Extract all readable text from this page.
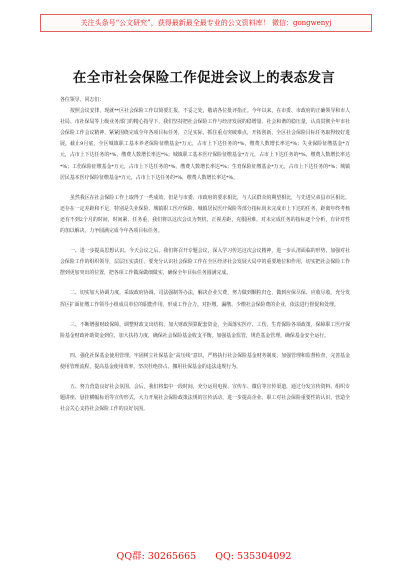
关注头条号“公文研究”，获得最新最全最专业的公文资料库！ 微信：gongwenyj
在全市社会保险工作促进会议上的表态发言

各位领导、同志们：

按照会议安排，现就**区社会保险工作以简要汇报，不妥之处，敬请各位批评指正。今年以来，在市委、市政府的正确领导和市人社局、市社保局等上级业务部门的精心指导下，我们坚持把社会保险工作与经济发展的稳增量、社会和谐的稳压量，认真贯彻全年市社会保险工作会议精神，紧紧围绕完成全年各项目标任务，立足实际，抓住重点突破难点，开拓创新，全区社会保险目标任务取得较好进展。截止9月底，全区城镇职工基本养老保险征缴基金*万元，占市上下达任务的*%，缴费人数增长率达*%；失业保险征缴基金*万元，占市上下达任务的*%，缴费人数增长率达*%；城镇职工基本医疗保险征缴基金*万元，占市上下达任务的*%，缴费人数增长率达*%；工伤保险征缴基金*万元，占市上下达任务的*%，缴费人数增长率达*%；生育保险征缴基金*万元，占市上下达任务的*%；城镇居民基本医疗保险征缴基金*万元，占市上下达任务的*%，缴费人数增长率达*%。

虽然我区在社会保险工作上取得了一些成效，但是与市委、市政府的要求相比，与人民群众的期望相比，与先进兄弟县市区相比，还存在一定差距和不足，特别是失业保险、城镇职工医疗保险、城镇居民医疗保险等部分指标尚未完成市上下达的任务，距离年终考核还有不到2个月的时间，时间紧、任务重，我们将以这次会议为契机，正视差距，克服困难，对未完成任务的指标逐个分析，有针对性的加以解决，力争圆满完成今年各项目标任务。

一、进一步提高思想认识。今天会议之后，我们将召开专题会议，深入学习传达这次会议精神，进一步认清面临的形势，加强对社会保险工作的组织领导，层层压实责任。要充分认识社会保险工作在全区经济社会发展大局中的重要地位和作用，切实把社会保险工作摆到更加突出的位置，把各项工作做深做细做实，确保全年目标任务圆满完成。

二、切实加大协调力度。采取政府协调、司法强制等办法，解决企业欠费，努力做到颗粒归仓，做到应保尽保、应收尽收。充分发挥区扩面征缴工作领导小组成员单位的职能作用，形成工作合力。对拒缴、漏缴、少缴社会保险费的企业，依法进行督促和处理。

三、不断增强财政保障。调整财政支出结构，加大财政预算配套资金，全面落实医疗、工伤、生育保险各项政策，保障职工医疗保险基金财政补助资金到位，加大扶持力度，确保社会保险基金收支平衡。加强基金监管，规范基金管理，确保基金安全运行。

四、强化社保基金使用管理。牢固树立社保基金“高压线”意识，严格执行社会保险基金财务制度，加强管理和监督检查，完善基金使用管理流程，提高基金使用效率，坚决杜绝挤占、挪用社保基金的违法违规行为。

五、努力营造良好社会氛围。会后，我们将集中一段时间，充分运用电视、宣传车、微信等宣传渠道，通过分发宣传资料、组织专题讲座、悬挂横幅标语等宣传形式，大力开展社会保险政策法规的宣传活动，进一步提高企业、职工对社会保险重要性的认识，营造全社会关心支持社会保险工作的良好氛围。

QQ群: 30265665 QQ: 535304092
